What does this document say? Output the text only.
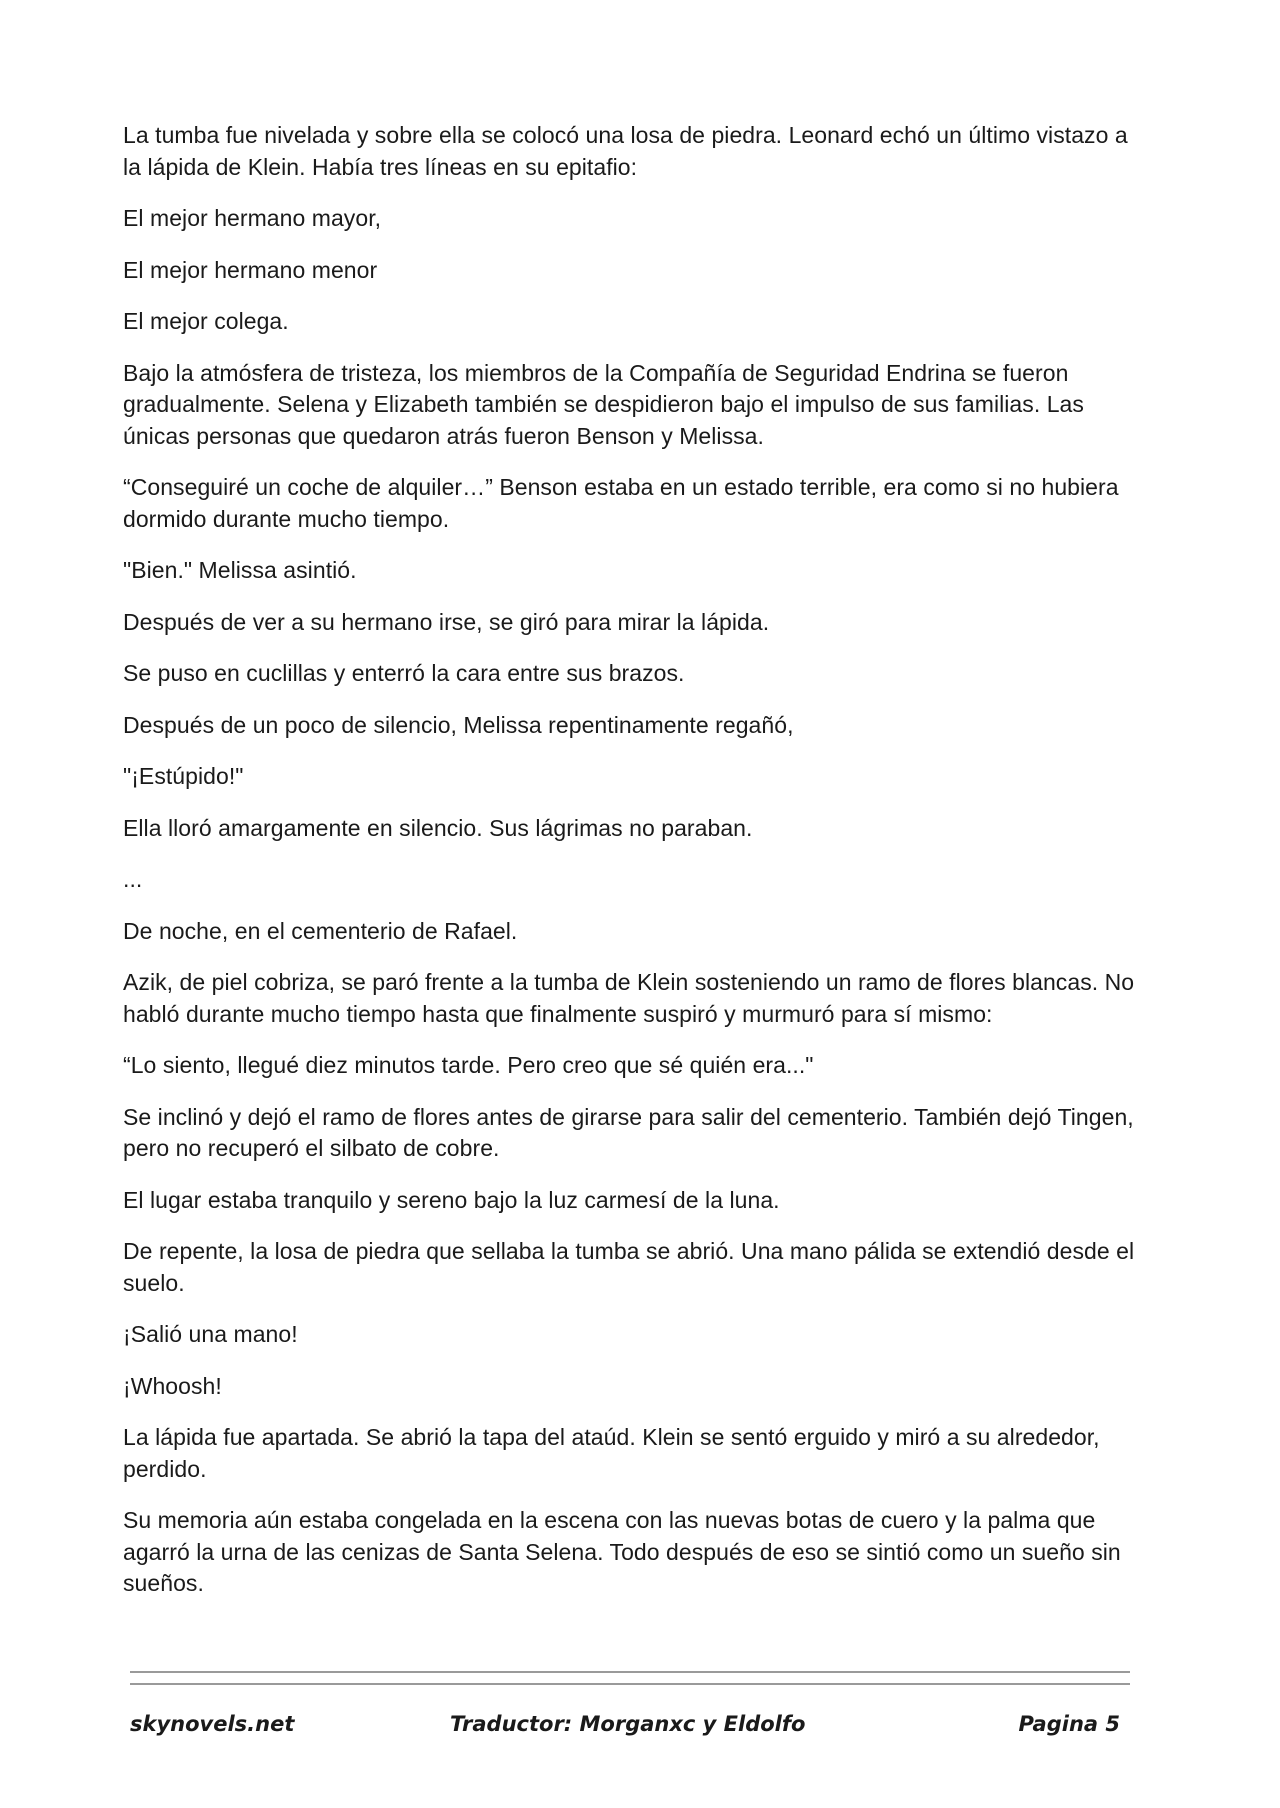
La tumba fue nivelada y sobre ella se colocó una losa de piedra. Leonard echó un último vistazo a la lápida de Klein. Había tres líneas en su epitafio:

El mejor hermano mayor,

El mejor hermano menor

El mejor colega.

Bajo la atmósfera de tristeza, los miembros de la Compañía de Seguridad Endrina se fueron gradualmente. Selena y Elizabeth también se despidieron bajo el impulso de sus familias. Las únicas personas que quedaron atrás fueron Benson y Melissa.

“Conseguiré un coche de alquiler…” Benson estaba en un estado terrible, era como si no hubiera dormido durante mucho tiempo.

"Bien." Melissa asintió.

Después de ver a su hermano irse, se giró para mirar la lápida.

Se puso en cuclillas y enterró la cara entre sus brazos.

Después de un poco de silencio, Melissa repentinamente regañó,

"¡Estúpido!"

Ella lloró amargamente en silencio. Sus lágrimas no paraban.

...

De noche, en el cementerio de Rafael.

Azik, de piel cobriza, se paró frente a la tumba de Klein sosteniendo un ramo de flores blancas. No habló durante mucho tiempo hasta que finalmente suspiró y murmuró para sí mismo:

“Lo siento, llegué diez minutos tarde. Pero creo que sé quién era..."

Se inclinó y dejó el ramo de flores antes de girarse para salir del cementerio. También dejó Tingen, pero no recuperó el silbato de cobre.

El lugar estaba tranquilo y sereno bajo la luz carmesí de la luna.

De repente, la losa de piedra que sellaba la tumba se abrió. Una mano pálida se extendió desde el suelo.

¡Salió una mano!

¡Whoosh!

La lápida fue apartada. Se abrió la tapa del ataúd. Klein se sentó erguido y miró a su alrededor, perdido.

Su memoria aún estaba congelada en la escena con las nuevas botas de cuero y la palma que agarró la urna de las cenizas de Santa Selena. Todo después de eso se sintió como un sueño sin sueños.

skynovels.net	Traductor: Morganxc y Eldolfo	Pagina 5
